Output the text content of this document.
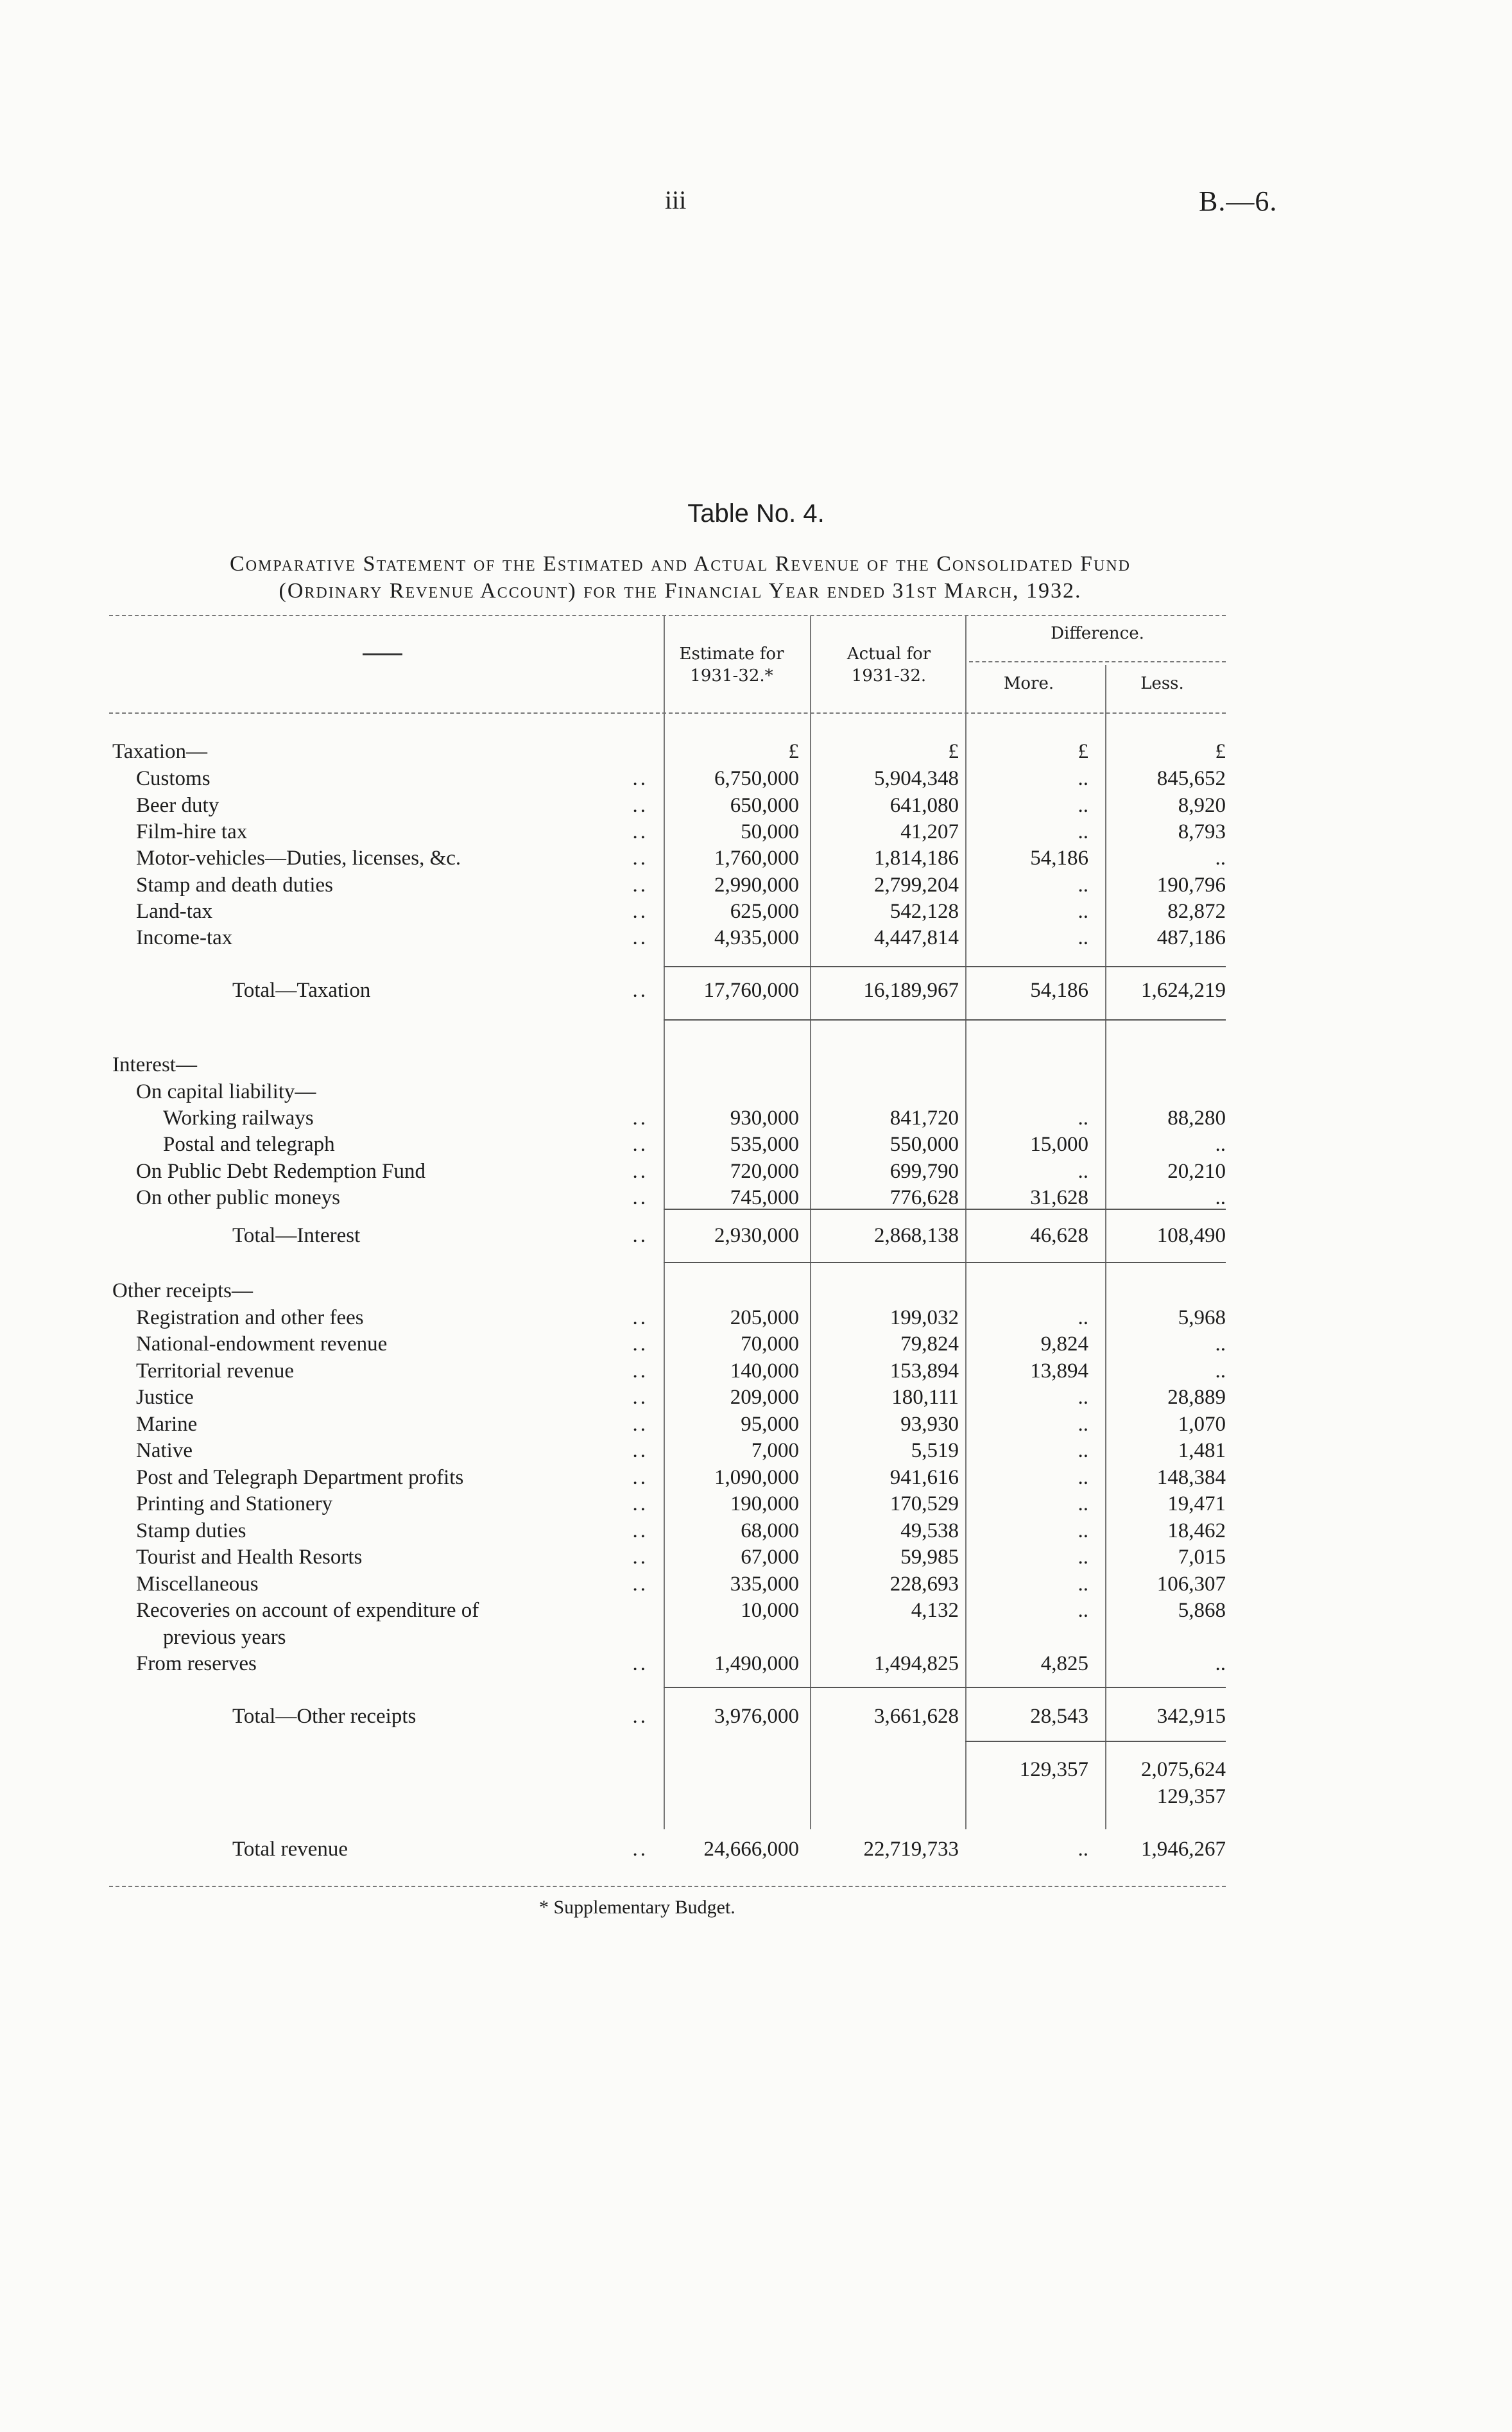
iii	B.—6.
Table No. 4.
Comparative Statement of the Estimated and Actual Revenue of the Consolidated Fund
(Ordinary Revenue Account) for the Financial Year ended 31st March, 1932.
Estimate for 1931-32.*
Actual for 1931-32.
Difference.
More.	Less.
Taxation—	£	£	£	£
Customs	..	6,750,000	5,904,348	..	845,652
Beer duty	..	650,000	641,080	..	8,920
Film-hire tax	..	50,000	41,207	..	8,793
Motor-vehicles—Duties, licenses, &c.	..	1,760,000	1,814,186	54,186	..
Stamp and death duties	..	2,990,000	2,799,204	..	190,796
Land-tax	..	625,000	542,128	..	82,872
Income-tax	..	4,935,000	4,447,814	..	487,186
Total—Taxation	..	17,760,000	16,189,967	54,186	1,624,219
Interest—
On capital liability—
Working railways	..	930,000	841,720	..	88,280
Postal and telegraph	..	535,000	550,000	15,000	..
On Public Debt Redemption Fund	..	720,000	699,790	..	20,210
On other public moneys	..	745,000	776,628	31,628	..
Total—Interest	..	2,930,000	2,868,138	46,628	108,490
Other receipts—
Registration and other fees	..	205,000	199,032	..	5,968
National-endowment revenue	..	70,000	79,824	9,824	..
Territorial revenue	..	140,000	153,894	13,894	..
Justice	..	209,000	180,111	..	28,889
Marine	..	95,000	93,930	..	1,070
Native	..	7,000	5,519	..	1,481
Post and Telegraph Department profits	..	1,090,000	941,616	..	148,384
Printing and Stationery	..	190,000	170,529	..	19,471
Stamp duties	..	68,000	49,538	..	18,462
Tourist and Health Resorts	..	67,000	59,985	..	7,015
Miscellaneous	..	335,000	228,693	..	106,307
Recoveries on account of expenditure of	10,000	4,132	..	5,868
previous years
From reserves	..	1,490,000	1,494,825	4,825	..
Total—Other receipts	..	3,976,000	3,661,628	28,543	342,915
129,357	2,075,624
129,357
Total revenue	..	24,666,000	22,719,733	..	1,946,267
* Supplementary Budget.
